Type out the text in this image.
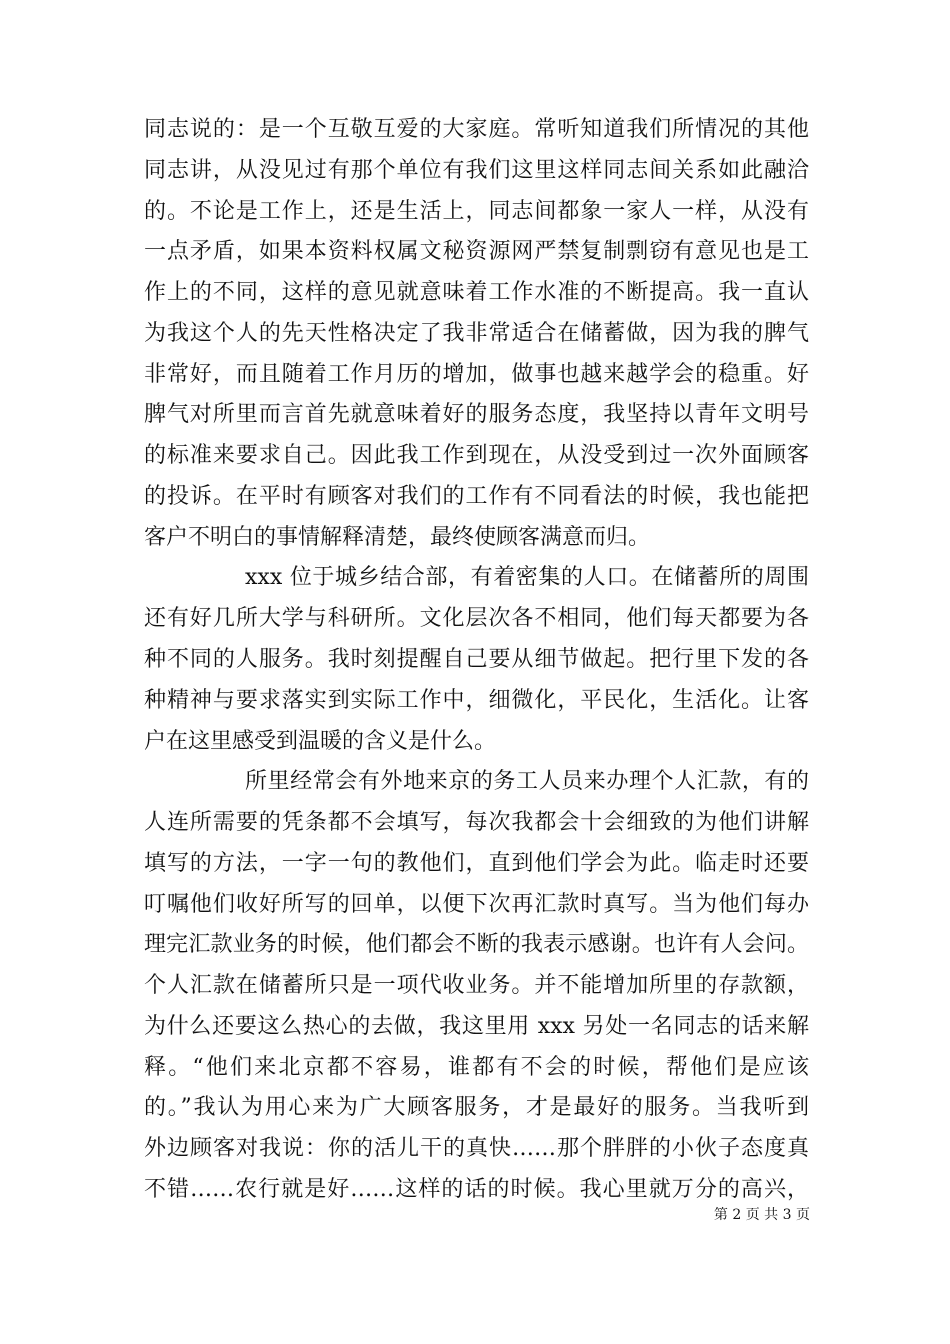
同志说的：是一个互敬互爱的大家庭。常听知道我们所情况的其他
同志讲，从没见过有那个单位有我们这里这样同志间关系如此融洽
的。不论是工作上，还是生活上，同志间都象一家人一样，从没有
一点矛盾，如果本资料权属文秘资源网严禁复制剽窃有意见也是工
作上的不同，这样的意见就意味着工作水准的不断提高。我一直认
为我这个人的先天性格决定了我非常适合在储蓄做，因为我的脾气
非常好，而且随着工作月历的增加，做事也越来越学会的稳重。好
脾气对所里而言首先就意味着好的服务态度，我坚持以青年文明号
的标准来要求自己。因此我工作到现在，从没受到过一次外面顾客
的投诉。在平时有顾客对我们的工作有不同看法的时候，我也能把
客户不明白的事情解释清楚，最终使顾客满意而归。
xxx 位于城乡结合部，有着密集的人口。在储蓄所的周围
还有好几所大学与科研所。文化层次各不相同，他们每天都要为各
种不同的人服务。我时刻提醒自己要从细节做起。把行里下发的各
种精神与要求落实到实际工作中，细微化，平民化，生活化。让客
户在这里感受到温暖的含义是什么。
所里经常会有外地来京的务工人员来办理个人汇款，有的
人连所需要的凭条都不会填写，每次我都会十会细致的为他们讲解
填写的方法，一字一句的教他们，直到他们学会为此。临走时还要
叮嘱他们收好所写的回单，以便下次再汇款时真写。当为他们每办
理完汇款业务的时候，他们都会不断的我表示感谢。也许有人会问。
个人汇款在储蓄所只是一项代收业务。并不能增加所里的存款额，
为什么还要这么热心的去做，我这里用 xxx 另处一名同志的话来解
释。“他们来北京都不容易，谁都有不会的时候，帮他们是应该
的。”我认为用心来为广大顾客服务，才是最好的服务。当我听到
外边顾客对我说：你的活儿干的真快……那个胖胖的小伙子态度真
不错……农行就是好……这样的话的时候。我心里就万分的高兴，
第 2 页 共 3 页
